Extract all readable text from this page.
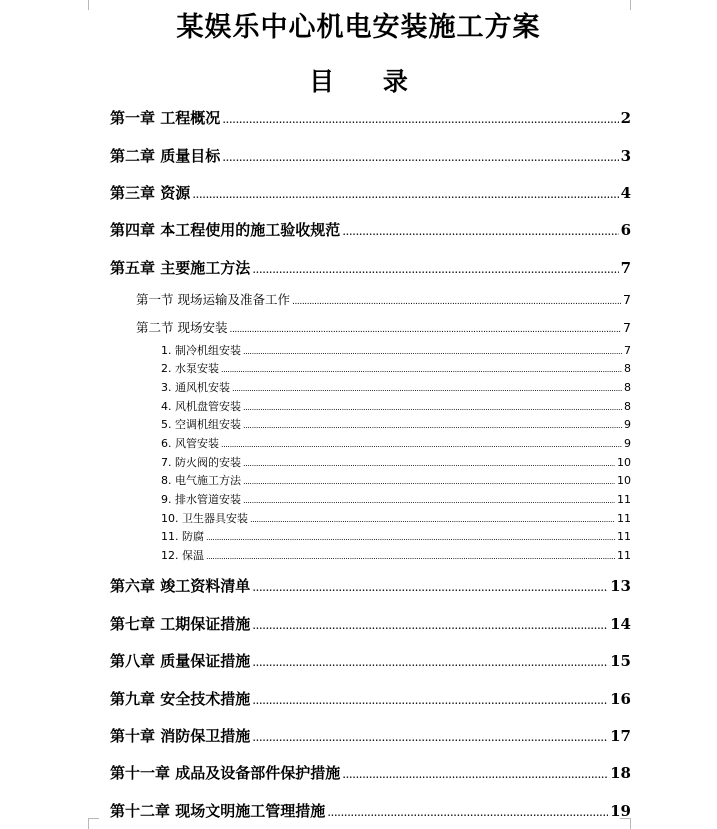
某娱乐中心机电安装施工方案
目 录
第一章 工程概况 .....	2
第二章 质量目标 .....	3
第三章 资源 .....	4
第四章 本工程使用的施工验收规范 .....	6
第五章 主要施工方法 .....	7
第一节 现场运输及准备工作 .....	7
第二节 现场安装 .....	7
1. 制冷机组安装 .....	7
2. 水泵安装 .....	8
3. 通风机安装 .....	8
4. 风机盘管安装 .....	8
5. 空调机组安装 .....	9
6. 风管安装 .....	9
7. 防火阀的安装 .....	10
8. 电气施工方法 .....	10
9. 排水管道安装 .....	11
10. 卫生器具安装 .....	11
11. 防腐 .....	11
12. 保温 .....	11
第六章 竣工资料清单 .....	13
第七章 工期保证措施 .....	14
第八章 质量保证措施 .....	15
第九章 安全技术措施 .....	16
第十章 消防保卫措施 .....	17
第十一章 成品及设备部件保护措施 .....	18
第十二章 现场文明施工管理措施 .....	19
